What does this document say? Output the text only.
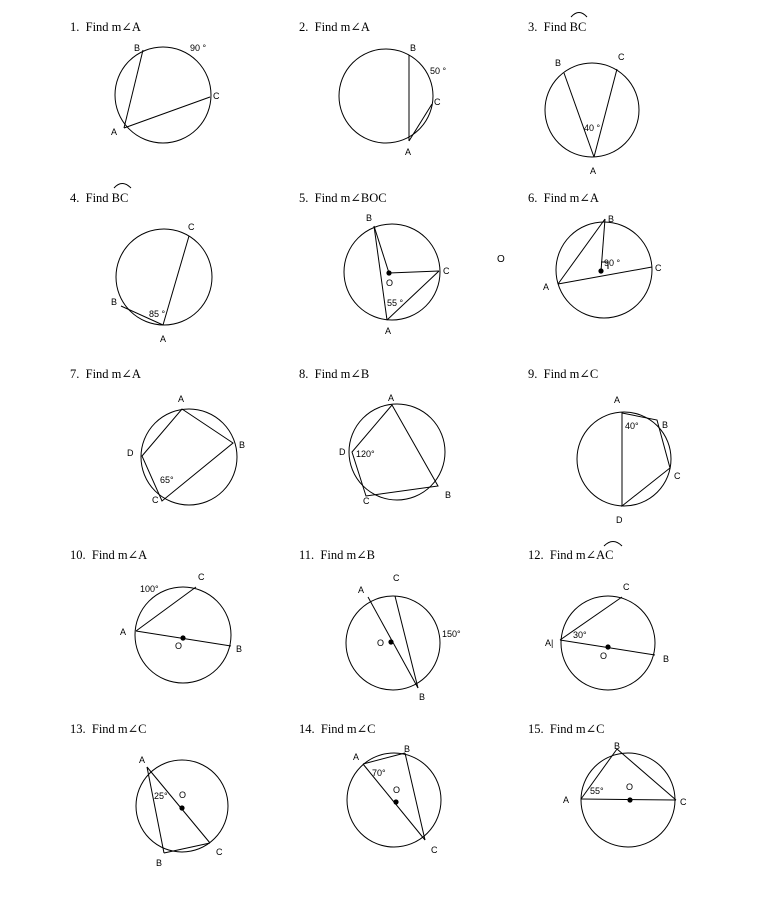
1. Find m∠A	2. Find m∠A	3. Find BC
4. Find BC	5. Find m∠BOC	6. Find m∠A
7. Find m∠A	8. Find m∠B	9. Find m∠C
10. Find m∠A	11. Find m∠B	12. Find m∠AC
13. Find m∠C	14. Find m∠C	15. Find m∠C
B
A
C
90 °	B
A
C
50 °
B
C
A
40 °
C
B
A
85 °
B
C
O
A
55 °
O
B
C
A
90 °
A
B
D
C
65°
A
D
B
C
120°
A
B
C
D
40°
C
A
B
O
100°	A
C
O
B
150°
C
A|
O	B
30°
A
O
B
C
25°
A
B
O
C
70°
B
A
O
C
55°
